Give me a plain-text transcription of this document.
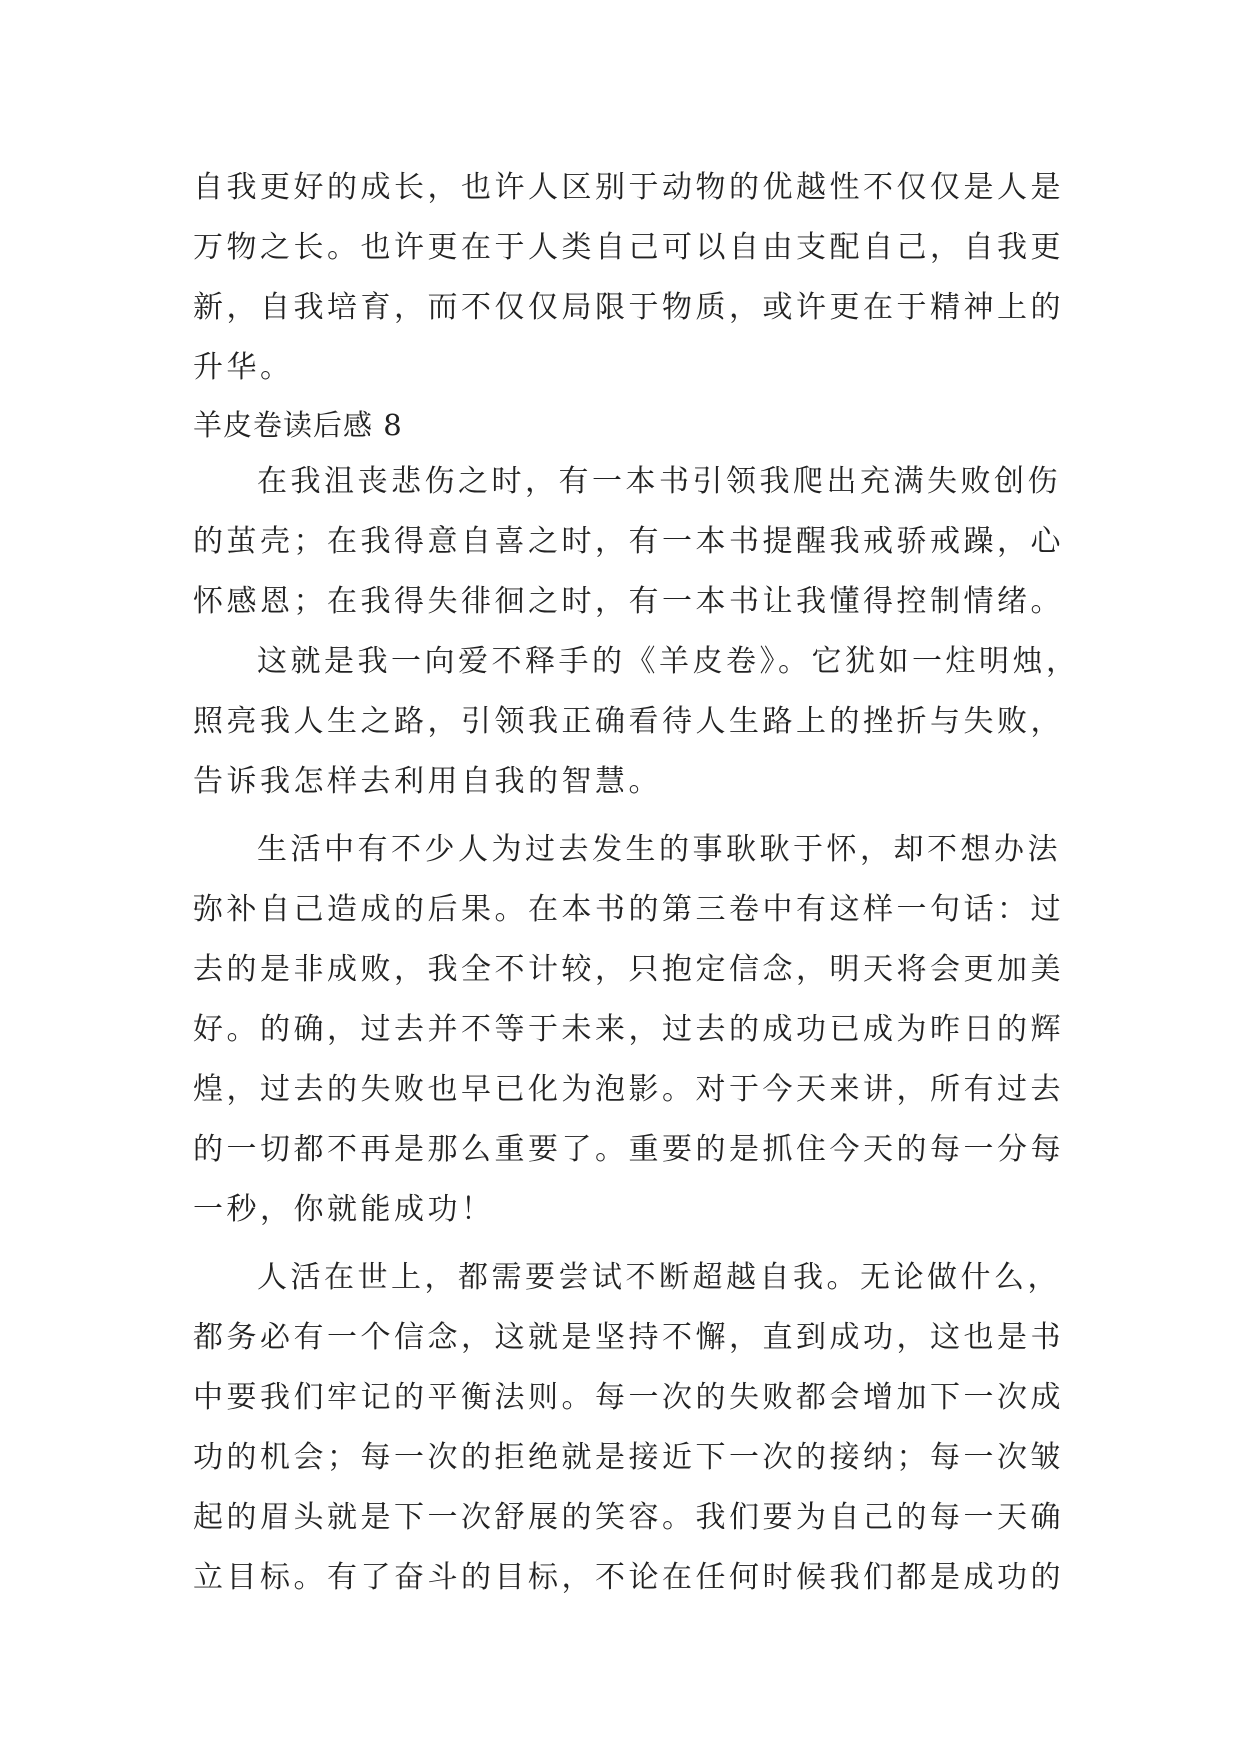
自我更好的成长，也许人区别于动物的优越性不仅仅是人是
万物之长。也许更在于人类自己可以自由支配自己，自我更
新，自我培育，而不仅仅局限于物质，或许更在于精神上的
升华。
羊皮卷读后感 8
在我沮丧悲伤之时，有一本书引领我爬出充满失败创伤
的茧壳；在我得意自喜之时，有一本书提醒我戒骄戒躁，心
怀感恩；在我得失徘徊之时，有一本书让我懂得控制情绪。
这就是我一向爱不释手的《羊皮卷》。它犹如一炷明烛，
照亮我人生之路，引领我正确看待人生路上的挫折与失败，
告诉我怎样去利用自我的智慧。
生活中有不少人为过去发生的事耿耿于怀，却不想办法
弥补自己造成的后果。在本书的第三卷中有这样一句话：过
去的是非成败，我全不计较，只抱定信念，明天将会更加美
好。的确，过去并不等于未来，过去的成功已成为昨日的辉
煌，过去的失败也早已化为泡影。对于今天来讲，所有过去
的一切都不再是那么重要了。重要的是抓住今天的每一分每
一秒，你就能成功！
人活在世上，都需要尝试不断超越自我。无论做什么，
都务必有一个信念，这就是坚持不懈，直到成功，这也是书
中要我们牢记的平衡法则。每一次的失败都会增加下一次成
功的机会；每一次的拒绝就是接近下一次的接纳；每一次皱
起的眉头就是下一次舒展的笑容。我们要为自己的每一天确
立目标。有了奋斗的目标，不论在任何时候我们都是成功的
